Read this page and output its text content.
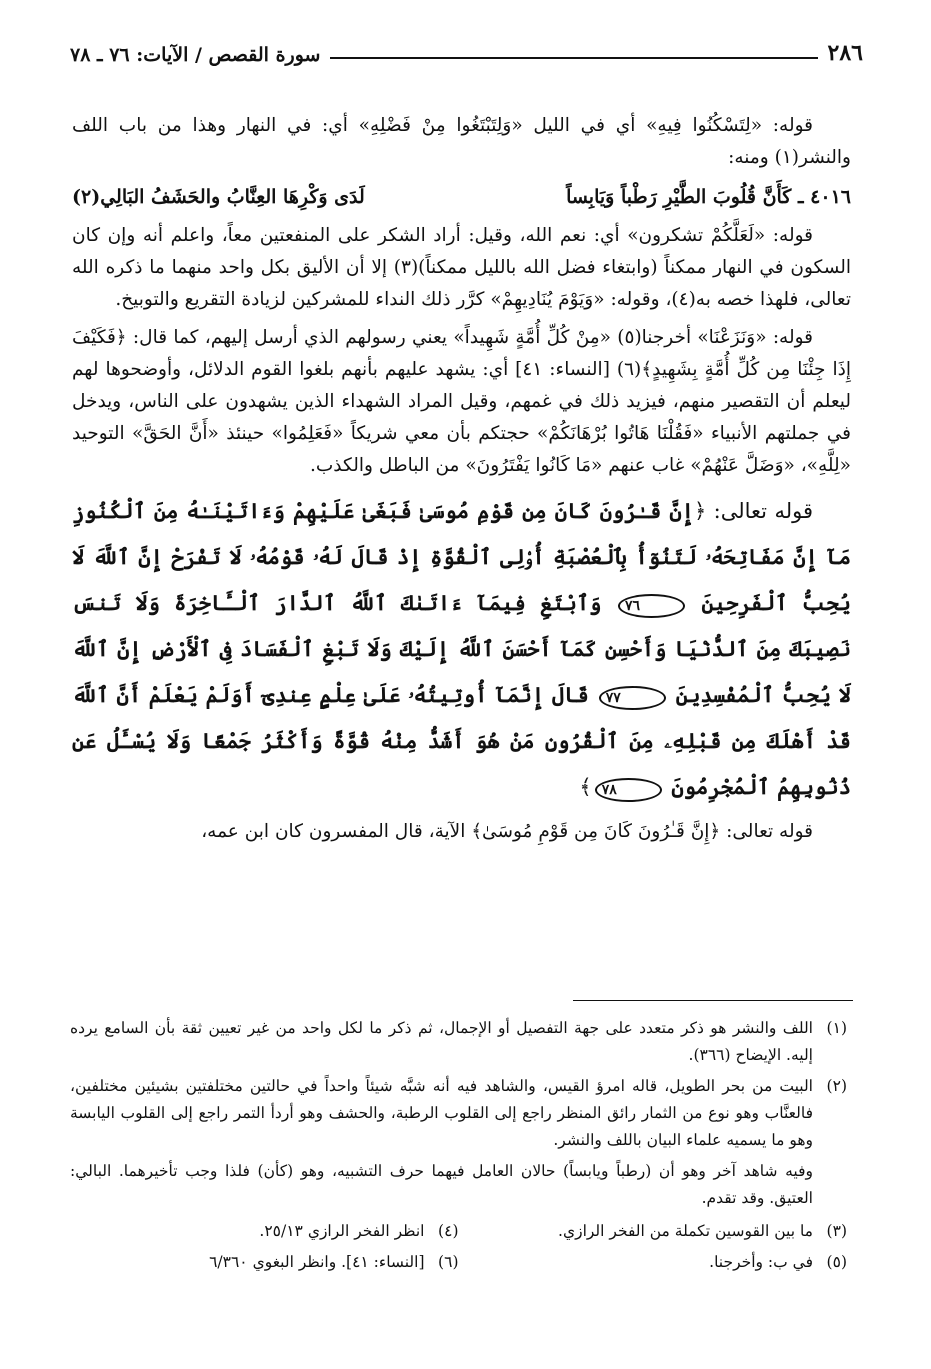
سورة القصص / الآيات: ٧٦ ـ ٧٨	٢٨٦

قوله: «لِتَسْكُنُوا فِيهِ» أي في الليل «وَلِتَبْتَغُوا مِنْ فَضْلِهِ» أي: في النهار وهذا من باب اللف والنشر(١) ومنه:

٤٠١٦ ـ كَأَنَّ قُلُوبَ الطَّيْرِ رَطْباً وَيَابِساً
لَدَى وَكْرِهَا العِنَّابُ والحَشَفُ البَالِي(٢)

قوله: «لَعَلَّكُمْ تشكرون» أي: نعم الله، وقيل: أراد الشكر على المنفعتين معاً، واعلم أنه وإن كان السكون في النهار ممكناً (وابتغاء فضل الله بالليل ممكناً)(٣) إلا أن الأليق بكل واحد منهما ما ذكره الله تعالى، فلهذا خصه به(٤)، وقوله: «وَيَوْمَ يُنَادِيهِمْ» كرَّر ذلك النداء للمشركين لزيادة التقريع والتوبيخ.

قوله: «وَنَزَعْنَا» أخرجنا(٥) «مِنْ كُلِّ أُمَّةٍ شَهِيداً» يعني رسولهم الذي أرسل إليهم، كما قال: ﴿فَكَيْفَ إِذَا جِئْنَا مِن كُلِّ أُمَّةٍ بِشَهِيدٍ﴾(٦) [النساء: ٤١] أي: يشهد عليهم بأنهم بلغوا القوم الدلائل، وأوضحوها لهم ليعلم أن التقصير منهم، فيزيد ذلك في غمهم، وقيل المراد الشهداء الذين يشهدون على الناس، ويدخل في جملتهم الأنبياء «فَقُلْنَا هَاتُوا بُرْهَانَكُمْ» حجتكم بأن معي شريكاً «فَعَلِمُوا» حينئذ «أَنَّ الحَقَّ» التوحيد «لِلَّهِ»، «وَضَلَّ عَنْهُمْ» غاب عنهم «مَا كَانُوا يَفْتَرُونَ» من الباطل والكذب.

قوله تعالى: ﴿إِنَّ قَـٰرُونَ كَانَ مِن قَوْمِ مُوسَىٰ فَبَغَىٰ عَلَيْهِمْ وَءَاتَيْنَـٰهُ مِنَ ٱلْكُنُوزِ مَآ إِنَّ مَفَاتِحَهُۥ لَتَنُوٓأُ بِٱلْعُصْبَةِ أُو۟لِى ٱلْقُوَّةِ إِذْ قَالَ لَهُۥ قَوْمُهُۥ لَا تَفْرَحْ إِنَّ ٱللَّهَ لَا يُحِبُّ ٱلْفَرِحِينَ ٧٦ وَٱبْتَغِ فِيمَآ ءَاتَىٰكَ ٱللَّهُ ٱلدَّارَ ٱلْـَٔاخِرَةَ وَلَا تَنسَ نَصِيبَكَ مِنَ ٱلدُّنْيَا وَأَحْسِن كَمَآ أَحْسَنَ ٱللَّهُ إِلَيْكَ وَلَا تَبْغِ ٱلْفَسَادَ فِى ٱلْأَرْضِ إِنَّ ٱللَّهَ لَا يُحِبُّ ٱلْمُفْسِدِينَ ٧٧ قَالَ إِنَّمَآ أُوتِيتُهُۥ عَلَىٰ عِلْمٍ عِندِىٓ أَوَلَمْ يَعْلَمْ أَنَّ ٱللَّهَ قَدْ أَهْلَكَ مِن قَبْلِهِۦ مِنَ ٱلْقُرُونِ مَنْ هُوَ أَشَدُّ مِنْهُ قُوَّةً وَأَكْثَرُ جَمْعًا وَلَا يُسْـَٔلُ عَن ذُنُوبِهِمُ ٱلْمُجْرِمُونَ ٧٨﴾

قوله تعالى: ﴿إِنَّ قَـٰرُونَ كَانَ مِن قَوْمِ مُوسَىٰ﴾ الآية، قال المفسرون كان ابن عمه،

(١)
اللف والنشر هو ذكر متعدد على جهة التفصيل أو الإجمال، ثم ذكر ما لكل واحد من غير تعيين ثقة بأن السامع يرده إليه. الإيضاح (٣٦٦).
(٢)
البيت من بحر الطويل، قاله امرؤ القيس، والشاهد فيه أنه شبَّه شيئاً واحداً في حالتين مختلفتين بشيئين مختلفين، فالعنَّاب وهو نوع من الثمار رائق المنظر راجع إلى القلوب الرطبة، والحشف وهو أردأ التمر راجع إلى القلوب اليابسة وهو ما يسميه علماء البيان باللف والنشر.
وفيه شاهد آخر وهو أن (رطباً ويابساً) حالان العامل فيهما حرف التشبيه، وهو (كأن) فلذا وجب تأخيرهما. البالي: العتيق. وقد تقدم.
(٣)
ما بين القوسين تكملة من الفخر الرازي.
(٤)
انظر الفخر الرازي ٢٥/١٣.
(٥)
في ب: وأخرجنا.
(٦)
[النساء: ٤١]. وانظر البغوي ٦/٣٦٠
